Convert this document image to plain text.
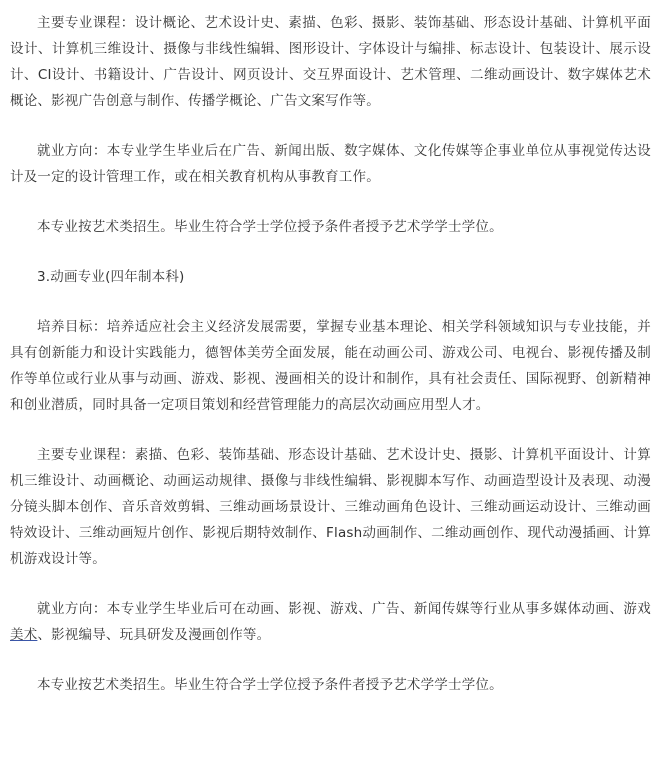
主要专业课程：设计概论、艺术设计史、素描、色彩、摄影、装饰基础、形态设计基础、计算机平面设计、计算机三维设计、摄像与非线性编辑、图形设计、字体设计与编排、标志设计、包装设计、展示设计、CI设计、书籍设计、广告设计、网页设计、交互界面设计、艺术管理、二维动画设计、数字媒体艺术概论、影视广告创意与制作、传播学概论、广告文案写作等。

就业方向：本专业学生毕业后在广告、新闻出版、数字媒体、文化传媒等企事业单位从事视觉传达设计及一定的设计管理工作，或在相关教育机构从事教育工作。

本专业按艺术类招生。毕业生符合学士学位授予条件者授予艺术学学士学位。

3.动画专业(四年制本科)

培养目标：培养适应社会主义经济发展需要，掌握专业基本理论、相关学科领域知识与专业技能，并具有创新能力和设计实践能力，德智体美劳全面发展，能在动画公司、游戏公司、电视台、影视传播及制作等单位或行业从事与动画、游戏、影视、漫画相关的设计和制作，具有社会责任、国际视野、创新精神和创业潜质，同时具备一定项目策划和经营管理能力的高层次动画应用型人才。

主要专业课程：素描、色彩、装饰基础、形态设计基础、艺术设计史、摄影、计算机平面设计、计算机三维设计、动画概论、动画运动规律、摄像与非线性编辑、影视脚本写作、动画造型设计及表现、动漫分镜头脚本创作、音乐音效剪辑、三维动画场景设计、三维动画角色设计、三维动画运动设计、三维动画特效设计、三维动画短片创作、影视后期特效制作、Flash动画制作、二维动画创作、现代动漫插画、计算机游戏设计等。

就业方向：本专业学生毕业后可在动画、影视、游戏、广告、新闻传媒等行业从事多媒体动画、游戏美术、影视编导、玩具研发及漫画创作等。

本专业按艺术类招生。毕业生符合学士学位授予条件者授予艺术学学士学位。
